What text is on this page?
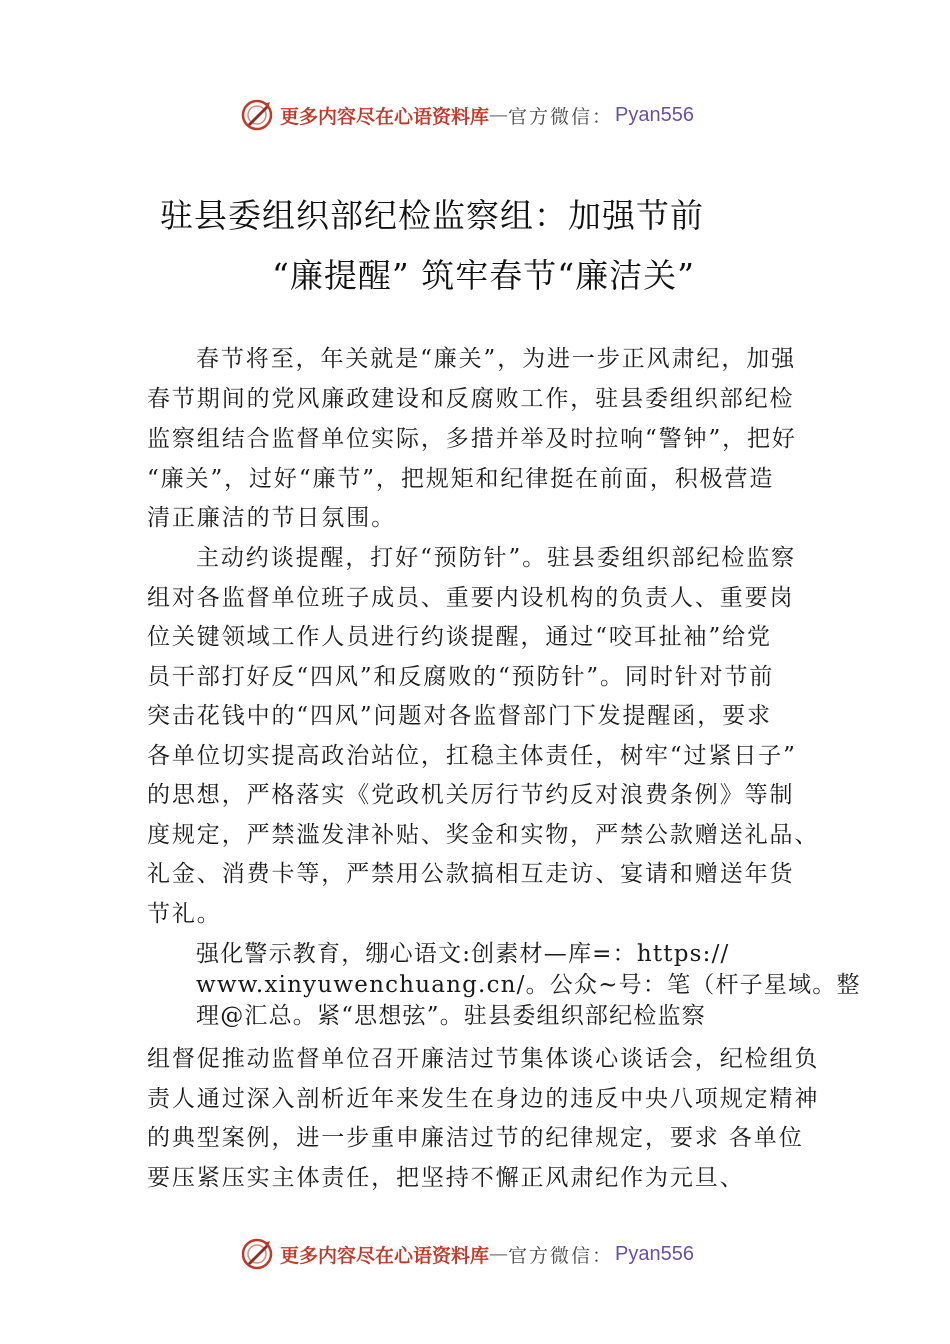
更多内容尽在心语资料库 — 官方微信： Pyan556
驻县委组织部纪检监察组：加强节前
“廉提醒” 筑牢春节“廉洁关”
春节将至，年关就是“廉关”，为进一步正风肃纪，加强
春节期间的党风廉政建设和反腐败工作，驻县委组织部纪检
监察组结合监督单位实际，多措并举及时拉响“警钟”，把好
“廉关”，过好“廉节”，把规矩和纪律挺在前面，积极营造
清正廉洁的节日氛围。
主动约谈提醒，打好“预防针”。驻县委组织部纪检监察
组对各监督单位班子成员、重要内设机构的负责人、重要岗
位关键领域工作人员进行约谈提醒，通过“咬耳扯袖”给党
员干部打好反“四风”和反腐败的“预防针”。同时针对节前
突击花钱中的“四风”问题对各监督部门下发提醒函，要求
各单位切实提高政治站位，扛稳主体责任，树牢“过紧日子”
的思想，严格落实《党政机关厉行节约反对浪费条例》等制
度规定，严禁滥发津补贴、奖金和实物，严禁公款赠送礼品、
礼金、消费卡等，严禁用公款搞相互走访、宴请和赠送年货
节礼。
强化警示教育，绷心语文:创素材—库=：https://
www.xinyuwenchuang.cn/。公众~号：笔（杆子星域。整
理@汇总。紧“思想弦”。驻县委组织部纪检监察
组督促推动监督单位召开廉洁过节集体谈心谈话会，纪检组负
责人通过深入剖析近年来发生在身边的违反中央八项规定精神
的典型案例，进一步重申廉洁过节的纪律规定，要求 各单位
要压紧压实主体责任，把坚持不懈正风肃纪作为元旦、
更多内容尽在心语资料库 — 官方微信： Pyan556
